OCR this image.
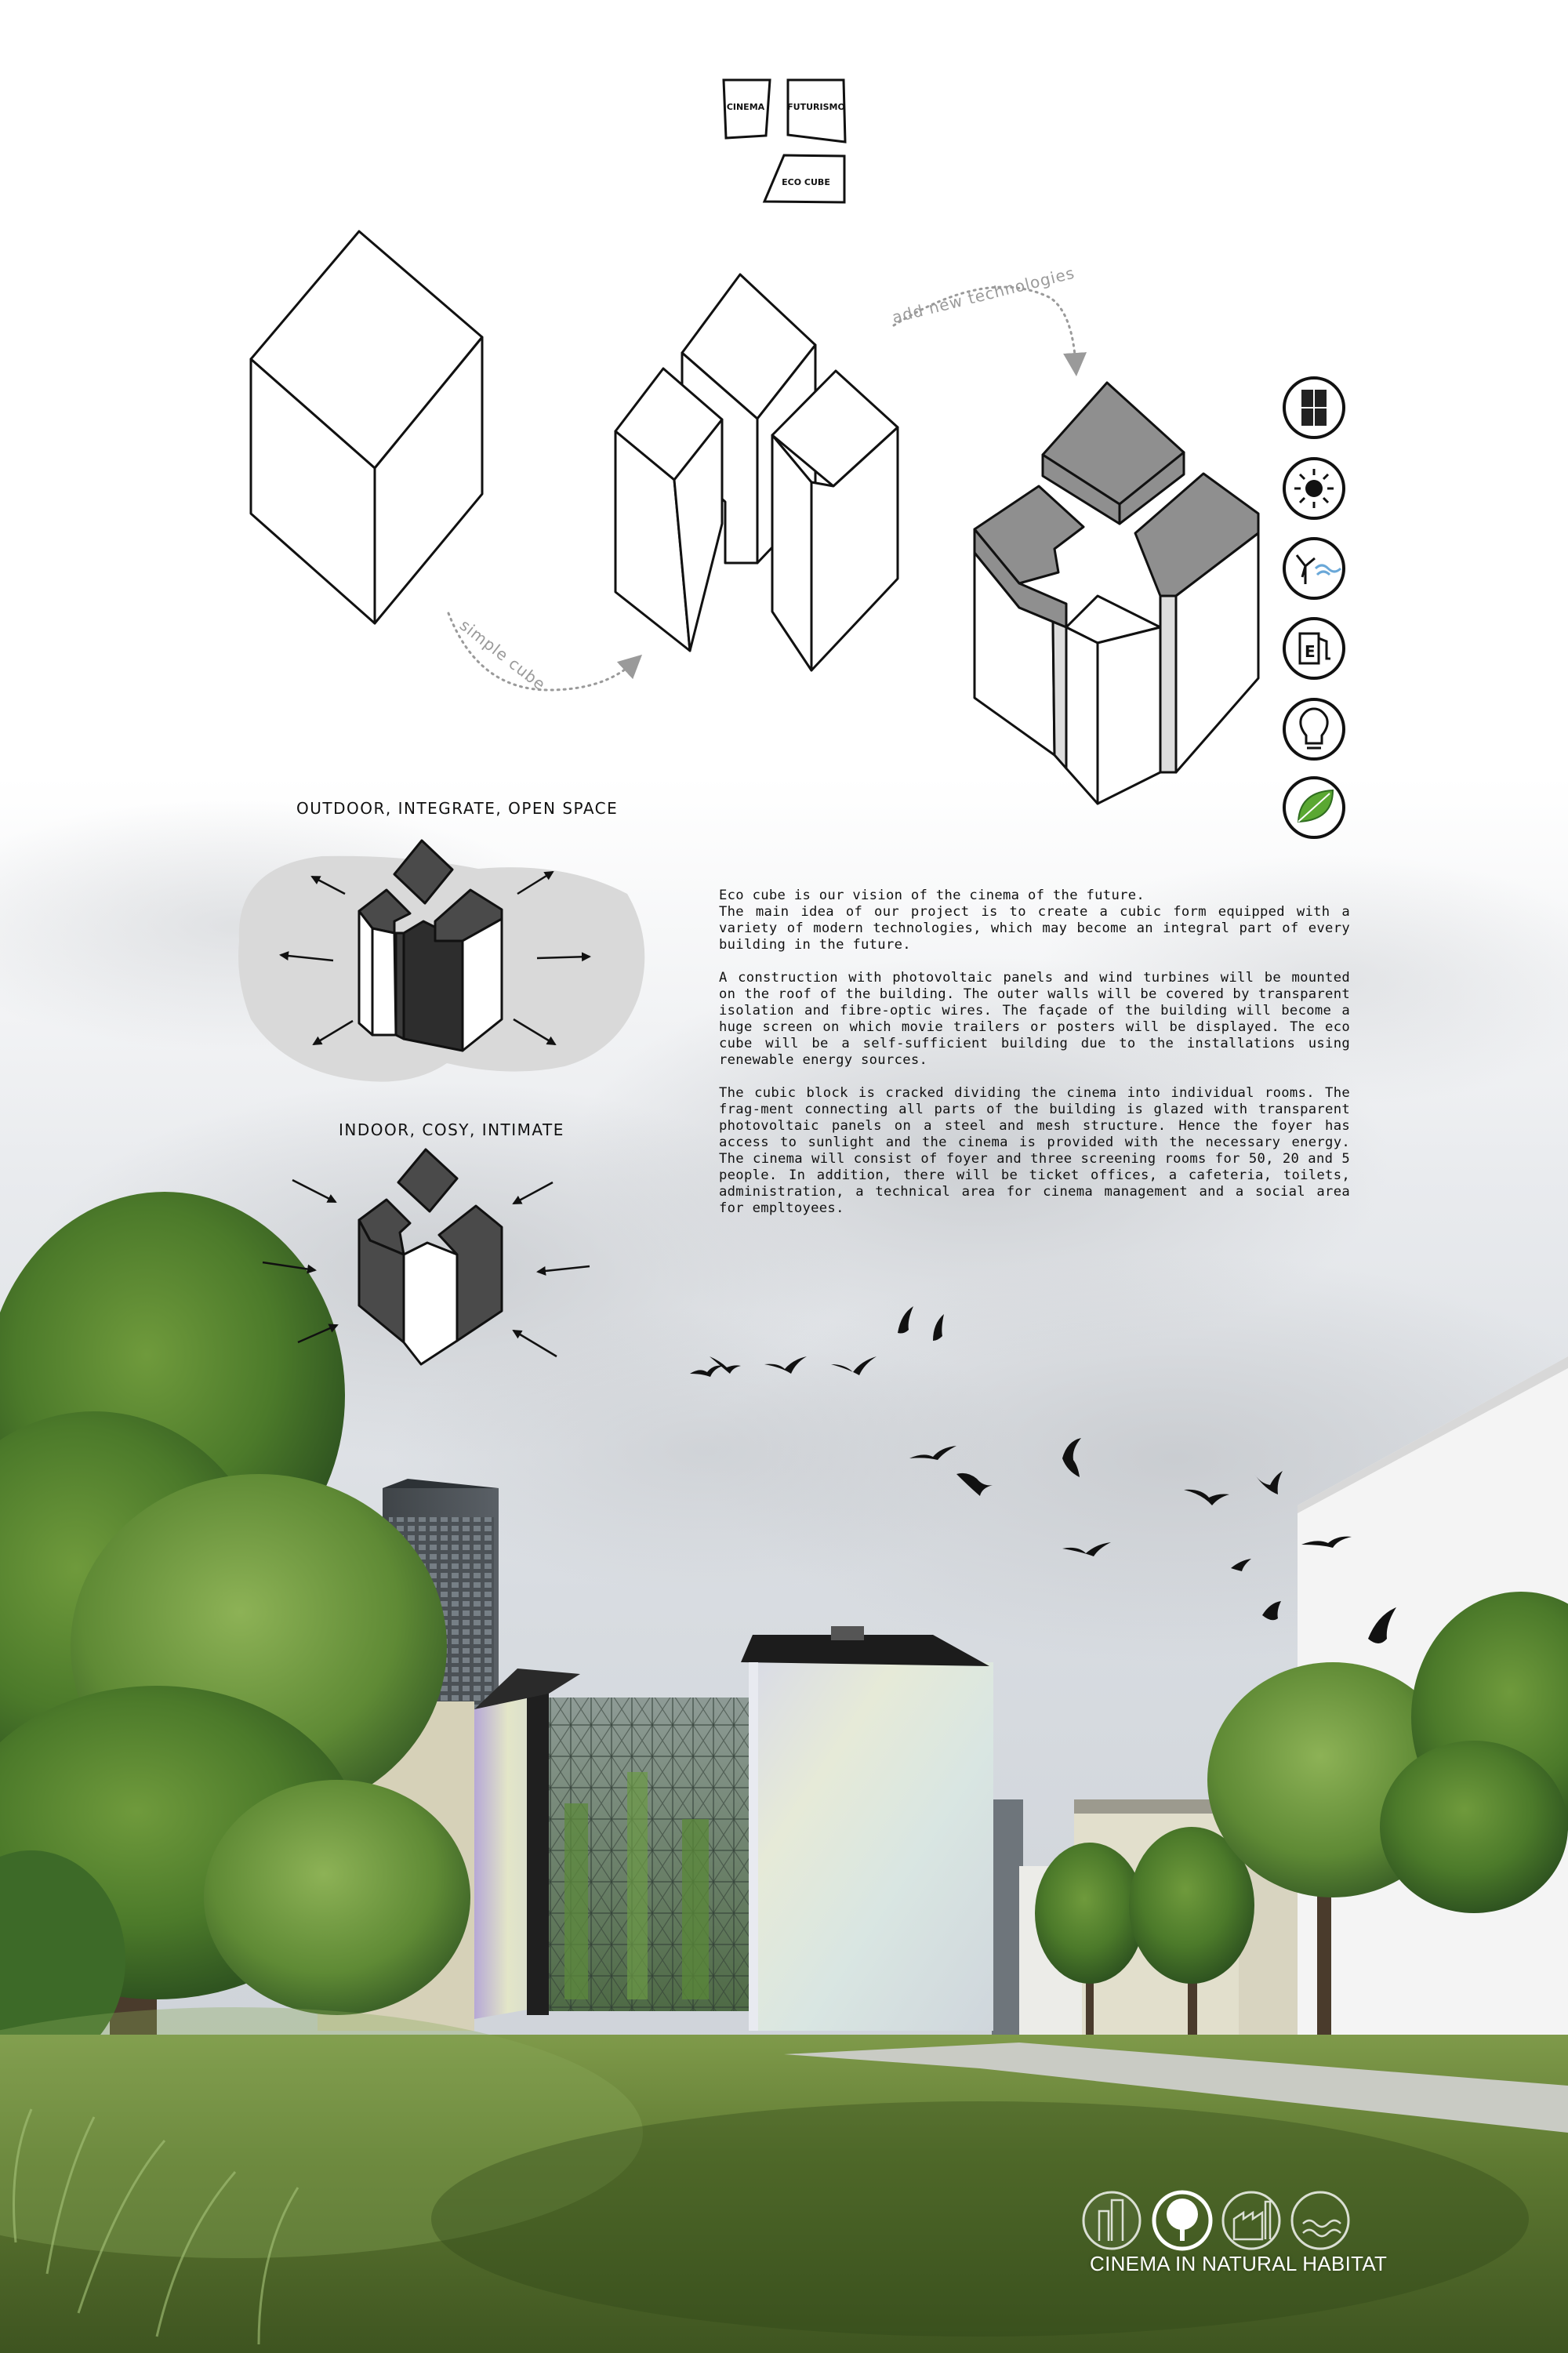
CINEMA	FUTURISMO
ECO CUBE
simple cube
add new technologies
E
OUTDOOR, INTEGRATE, OPEN SPACE
INDOOR, COSY, INTIMATE

Eco cube is our vision of the cinema of the future.

The main idea of our project is to create a cubic form equipped with a variety of modern technologies, which may become an integral part of every building in the future.

A construction with photovoltaic panels and wind turbines will be mounted on the roof of the building. The outer walls will be covered by transparent isolation and fibre-optic wires. The façade of the building will become a huge screen on which movie trailers or posters will be displayed. The eco cube will be a self-sufficient building due to the installations using renewable energy sources.

The cubic block is cracked dividing the cinema into individual rooms. The frag-ment connecting all parts of the building is glazed with transparent photovoltaic panels on a steel and mesh structure. Hence the foyer has access to sunlight and the cinema is provided with the necessary energy. The cinema will consist of foyer and three screening rooms for 50, 20 and 5 people. In addition, there will be ticket offices, a cafeteria, toilets, administration, a technical area for cinema management and a social area for empltoyees.

CINEMA IN NATURAL HABITAT
